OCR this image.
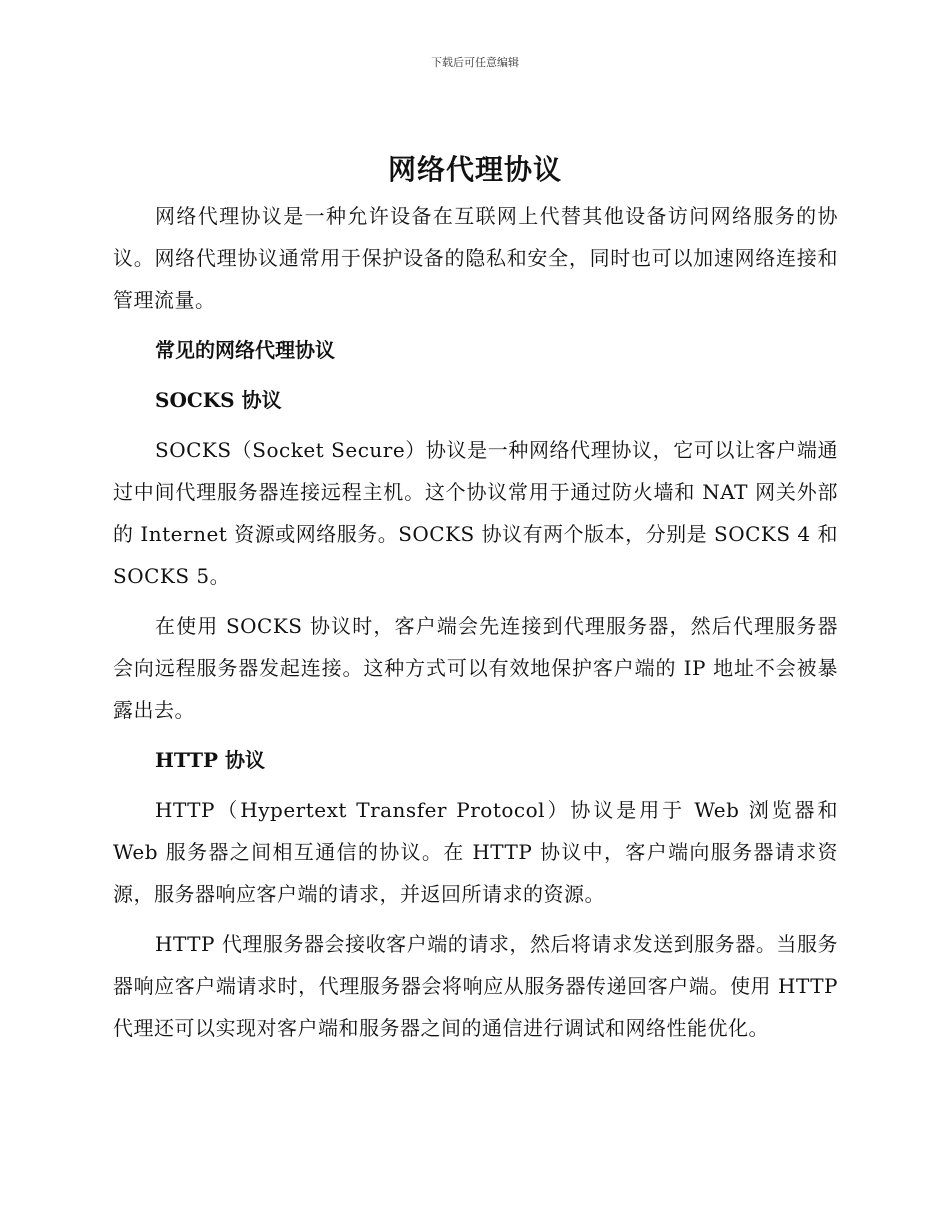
下载后可任意编辑
网络代理协议

网络代理协议是一种允许设备在互联网上代替其他设备访问网络服务的协议。网络代理协议通常用于保护设备的隐私和安全，同时也可以加速网络连接和管理流量。

常见的网络代理协议

SOCKS 协议

SOCKS（Socket Secure）协议是一种网络代理协议，它可以让客户端通过中间代理服务器连接远程主机。这个协议常用于通过防火墙和 NAT 网关外部的 Internet 资源或网络服务。SOCKS 协议有两个版本，分别是 SOCKS 4 和 SOCKS 5。

在使用 SOCKS 协议时，客户端会先连接到代理服务器，然后代理服务器会向远程服务器发起连接。这种方式可以有效地保护客户端的 IP 地址不会被暴露出去。

HTTP 协议

HTTP（Hypertext Transfer Protocol）协议是用于 Web 浏览器和 Web 服务器之间相互通信的协议。在 HTTP 协议中，客户端向服务器请求资源，服务器响应客户端的请求，并返回所请求的资源。

HTTP 代理服务器会接收客户端的请求，然后将请求发送到服务器。当服务器响应客户端请求时，代理服务器会将响应从服务器传递回客户端。使用 HTTP 代理还可以实现对客户端和服务器之间的通信进行调试和网络性能优化。
